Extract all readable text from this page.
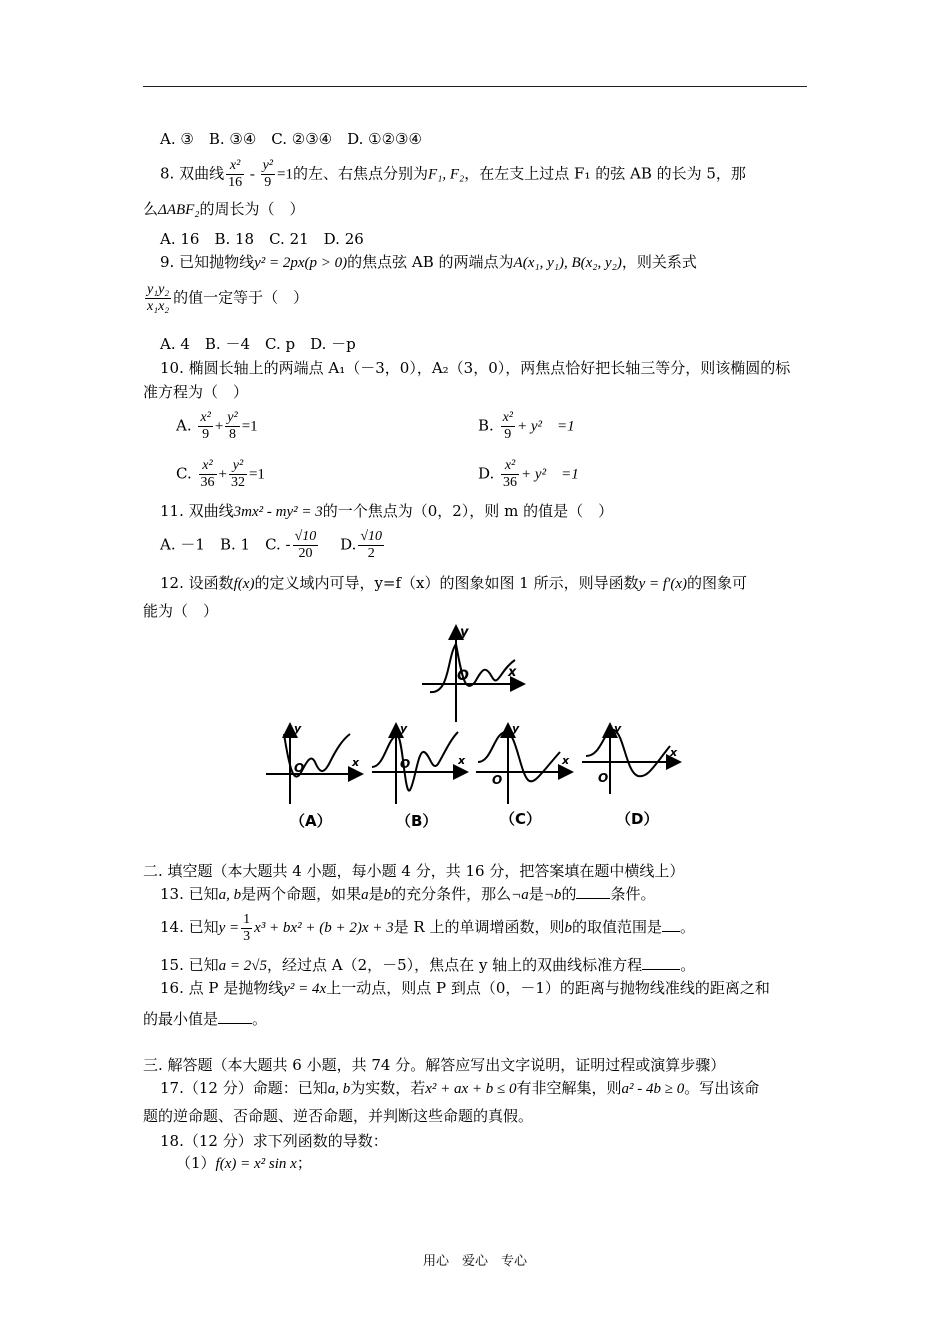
A. ③　B. ③④　C. ②③④　D. ①②③④
8. 双曲线 $\frac{\text{x²}}{16} - \frac{\text{y²}}{9} =1$的左、右焦点分别为F₁, F₂，在左支上过点 F₁ 的弦 AB 的长为 5，那
么ΔABF₂的周长为（　）
A. 16　B. 18　C. 21　D. 26
9. 已知抛物线y² = 2px(p > 0)的焦点弦 AB 的两端点为A(x₁, y₁), B(x₂, y₂)，则关系式
$\frac{\text{y₁y₂}}{\text{x₁x₂}}$ 的值一定等于（　）
A. 4　B. －4　C. p　D. －p
10. 椭圆长轴上的两端点 A₁（－3，0），A₂（3，0），两焦点恰好把长轴三等分，则该椭圆的标
准方程为（　）
A. $\frac{\text{x²}}{9} + \frac{\text{y²}}{8} =1$	B. $\frac{\text{x²}}{9} + y^2$　=1
C. $\frac{\text{x²}}{36} + \frac{\text{y²}}{32} =1$	D. $\frac{\text{x²}}{36} + y^2$　=1
11. 双曲线3mx² - my² = 3的一个焦点为（0，2），则 m 的值是（　）
A. －1　 B. 1　 C. - $\frac{√10}{20}$
　 D. $\frac{√10}{2}$
12. 设函数f(x)的定义域内可导，y=f（x）的图象如图 1 所示，则导函数y = f′(x)的图象可
能为（　）
y
x
O
y
x
O
y
x
O
y
x
O
y
x
O
（A）	（B）	（C）	（D）
二. 填空题（本大题共 4 小题，每小题 4 分，共 16 分，把答案填在题中横线上）
13. 已知a, b是两个命题，如果a是b的充分条件，那么¬a是¬b的 条件。
14. 已知$y = \frac{1}{3} x^3 + bx^2 + (b + 2)x + 3$是 R 上的单调增函数，则b的取值范围是 。
15. 已知a = 2√5，经过点 A（2，－5），焦点在 y 轴上的双曲线标准方程	。
16. 点 P 是抛物线y² = 4x上一动点，则点 P 到点（0，－1）的距离与抛物线准线的距离之和
的最小值是 。
三. 解答题（本大题共 6 小题，共 74 分。解答应写出文字说明，证明过程或演算步骤）
17.（12 分）命题：已知a, b为实数，若x² + ax + b ≤ 0有非空解集，则a² - 4b ≥ 0。写出该命
题的逆命题、否命题、逆否命题，并判断这些命题的真假。
18.（12 分）求下列函数的导数：
（1）f(x) = x² sin x；
用心　爱心　专心
